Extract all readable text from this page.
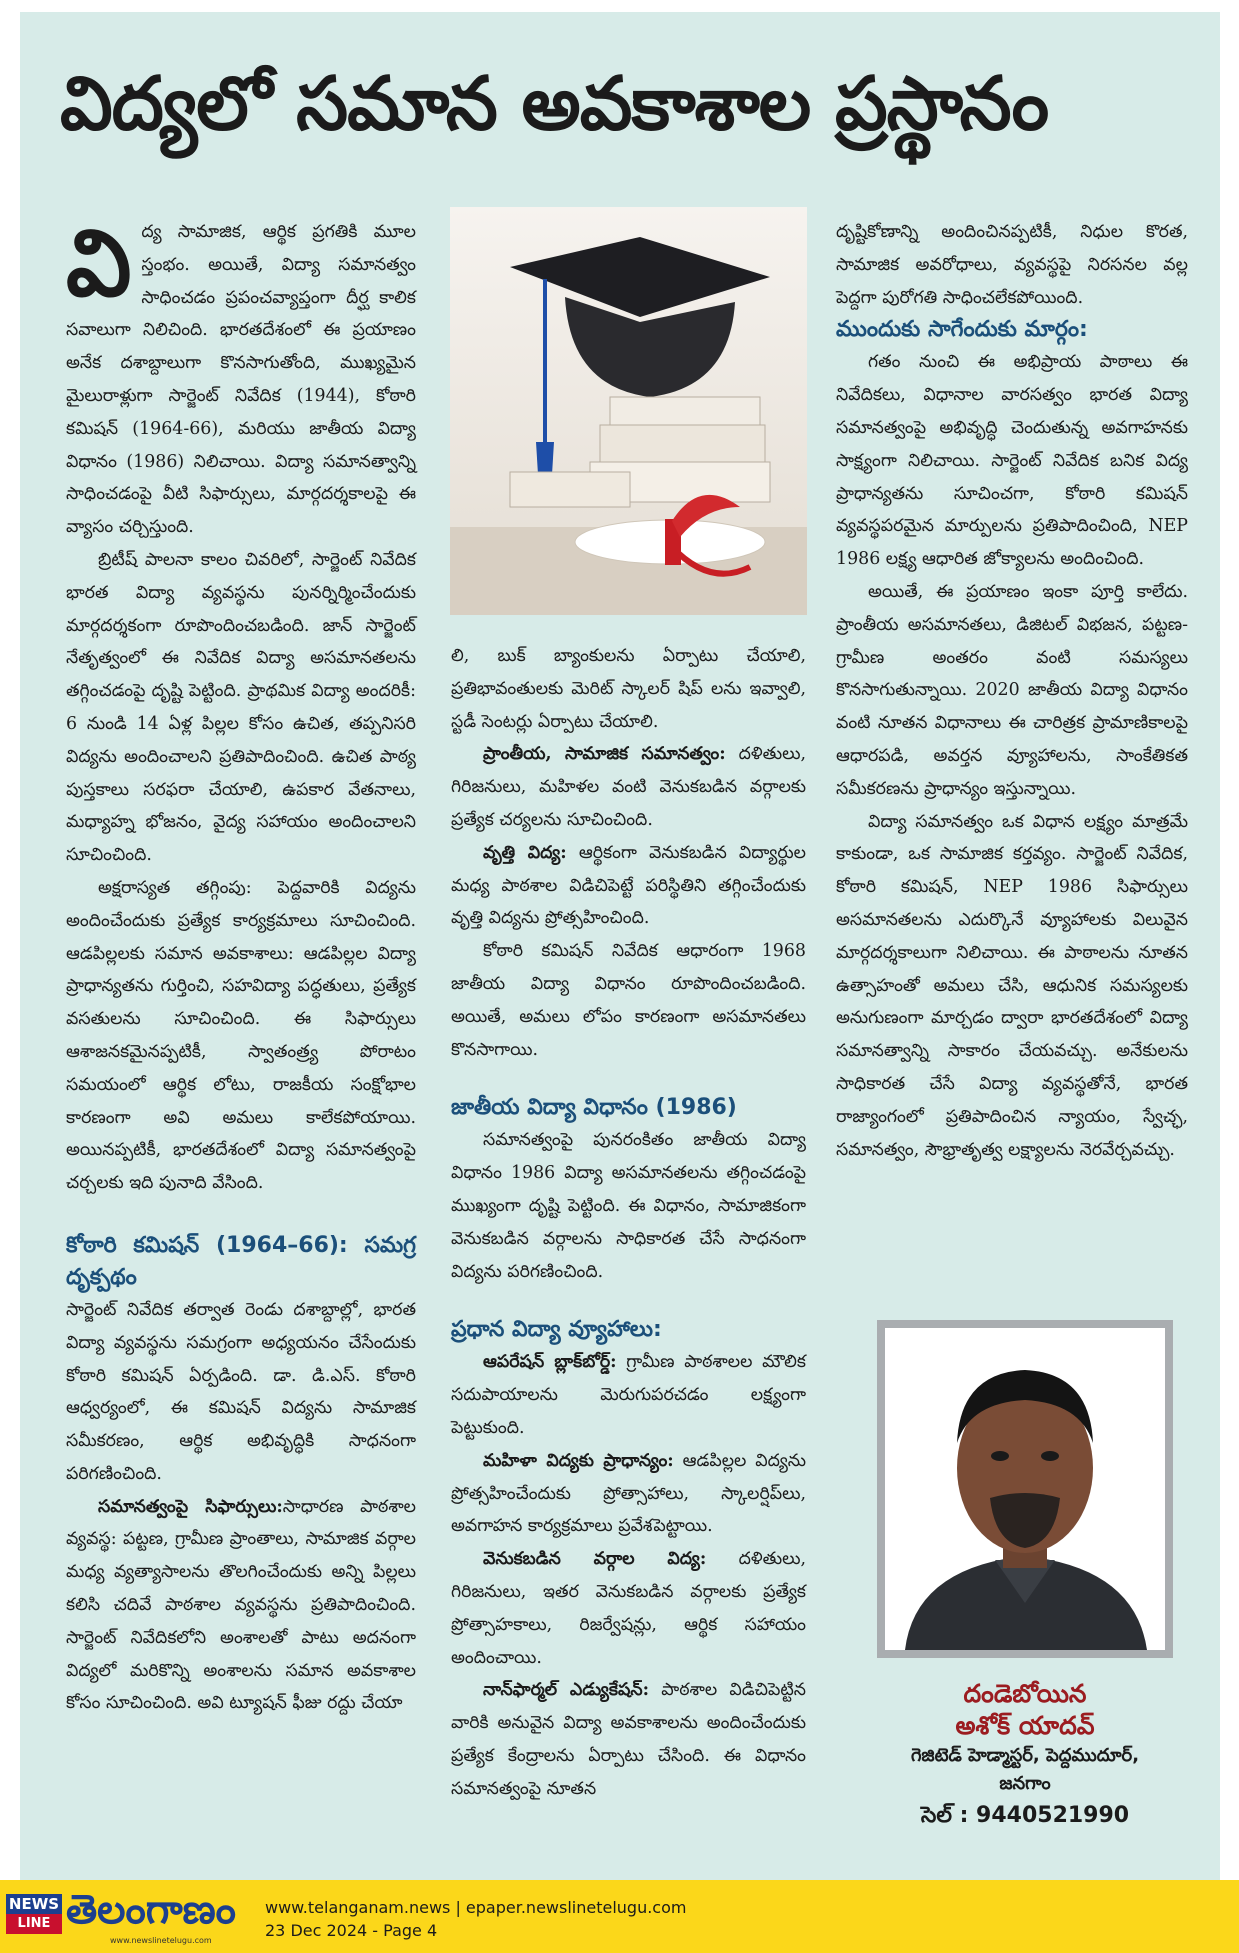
విద్యలో సమాన అవకాశాల ప్రస్థానం
వి ద్య సామాజిక, ఆర్థిక ప్రగతికి మూల స్తంభం. అయితే, విద్యా సమానత్వం సాధించడం ప్రపంచవ్యాప్తంగా దీర్ఘ కాలిక సవాలుగా నిలిచింది. భారతదేశంలో ఈ ప్రయాణం అనేక దశాబ్దాలుగా కొనసాగుతోంది, ముఖ్యమైన మైలురాళ్లుగా సార్జెంట్ నివేదిక (1944), కోఠారి కమిషన్ (1964-66), మరియు జాతీయ విద్యా విధానం (1986) నిలిచాయి. విద్యా సమానత్వాన్ని సాధించడంపై వీటి సిఫార్సులు, మార్గదర్శకాలపై ఈ వ్యాసం చర్చిస్తుంది.

బ్రిటీష్ పాలనా కాలం చివరిలో, సార్జెంట్ నివేదిక భారత విద్యా వ్యవస్థను పునర్నిర్మించేందుకు మార్గదర్శకంగా రూపొందించబడింది. జాన్ సార్జెంట్ నేతృత్వంలో ఈ నివేదిక విద్యా అసమానతలను తగ్గించడంపై దృష్టి పెట్టింది. ప్రాథమిక విద్యా అందరికీ: 6 నుండి 14 ఏళ్ల పిల్లల కోసం ఉచిత, తప్పనిసరి విద్యను అందించాలని ప్రతిపాదించింది. ఉచిత పాఠ్య పుస్తకాలు సరఫరా చేయాలి, ఉపకార వేతనాలు, మధ్యాహ్న భోజనం, వైద్య సహాయం అందించాలని సూచించింది.

అక్షరాస్యత తగ్గింపు: పెద్దవారికి విద్యను అందించేందుకు ప్రత్యేక కార్యక్రమాలు సూచించింది. ఆడపిల్లలకు సమాన అవకాశాలు: ఆడపిల్లల విద్యా ప్రాధాన్యతను గుర్తించి, సహవిద్యా పద్ధతులు, ప్రత్యేక వసతులను సూచించింది. ఈ సిఫార్సులు ఆశాజనకమైనప్పటికీ, స్వాతంత్ర్య పోరాటం సమయంలో ఆర్థిక లోటు, రాజకీయ సంక్షోభాల కారణంగా అవి అమలు కాలేకపోయాయి. అయినప్పటికీ, భారతదేశంలో విద్యా సమానత్వంపై చర్చలకు ఇది పునాది వేసింది.

కోఠారి కమిషన్ (1964–66): సమగ్ర దృక్పథం

సార్జెంట్ నివేదిక తర్వాత రెండు దశాబ్దాల్లో, భారత విద్యా వ్యవస్థను సమగ్రంగా అధ్యయనం చేసేందుకు కోఠారి కమిషన్ ఏర్పడింది. డా. డి.ఎస్. కోఠారి ఆధ్వర్యంలో, ఈ కమిషన్ విద్యను సామాజిక సమీకరణం, ఆర్థిక అభివృద్ధికి సాధనంగా పరిగణించింది.

సమానత్వంపై సిఫార్సులు:సాధారణ పాఠశాల వ్యవస్థ: పట్టణ, గ్రామీణ ప్రాంతాలు, సామాజిక వర్గాల మధ్య వ్యత్యాసాలను తొలగించేందుకు అన్ని పిల్లలు కలిసి చదివే పాఠశాల వ్యవస్థను ప్రతిపాదించింది. సార్జెంట్ నివేదికలోని అంశాలతో పాటు అదనంగా విద్యలో మరికొన్ని అంశాలను సమాన అవకాశాల కోసం సూచించింది. అవి ట్యూషన్ ఫీజు రద్దు చేయా

లి, బుక్ బ్యాంకులను ఏర్పాటు చేయాలి, ప్రతిభావంతులకు మెరిట్ స్కాలర్ షిప్ లను ఇవ్వాలి, స్టడీ సెంటర్లు ఏర్పాటు చేయాలి.

ప్రాంతీయ, సామాజిక సమానత్వం: దళితులు, గిరిజనులు, మహిళల వంటి వెనుకబడిన వర్గాలకు ప్రత్యేక చర్యలను సూచించింది.

వృత్తి విద్య: ఆర్థికంగా వెనుకబడిన విద్యార్థుల మధ్య పాఠశాల విడిచిపెట్టే పరిస్థితిని తగ్గించేందుకు వృత్తి విద్యను ప్రోత్సహించింది.

కోఠారి కమిషన్ నివేదిక ఆధారంగా 1968 జాతీయ విద్యా విధానం రూపొందించబడింది. అయితే, అమలు లోపం కారణంగా అసమానతలు కొనసాగాయి.

జాతీయ విద్యా విధానం (1986)

సమానత్వంపై పునరంకితం జాతీయ విద్యా విధానం 1986 విద్యా అసమానతలను తగ్గించడంపై ముఖ్యంగా దృష్టి పెట్టింది. ఈ విధానం, సామాజికంగా వెనుకబడిన వర్గాలను సాధికారత చేసే సాధనంగా విద్యను పరిగణించింది.

ప్రధాన విద్యా వ్యూహాలు:

ఆపరేషన్ బ్లాక్‌బోర్డ్: గ్రామీణ పాఠశాలల మౌలిక సదుపాయాలను మెరుగుపరచడం లక్ష్యంగా పెట్టుకుంది.

మహిళా విద్యకు ప్రాధాన్యం: ఆడపిల్లల విద్యను ప్రోత్సహించేందుకు ప్రోత్సాహాలు, స్కాలర్షిప్‌లు, అవగాహన కార్యక్రమాలు ప్రవేశపెట్టాయి.

వెనుకబడిన వర్గాల విద్య: దళితులు, గిరిజనులు, ఇతర వెనుకబడిన వర్గాలకు ప్రత్యేక ప్రోత్సాహకాలు, రిజర్వేషన్లు, ఆర్థిక సహాయం అందించాయి.

నాన్‌ఫార్మల్ ఎడ్యుకేషన్: పాఠశాల విడిచిపెట్టిన వారికి అనువైన విద్యా అవకాశాలను అందించేందుకు ప్రత్యేక కేంద్రాలను ఏర్పాటు చేసింది. ఈ విధానం సమానత్వంపై నూతన

దృష్టికోణాన్ని అందించినప్పటికీ, నిధుల కొరత, సామాజిక అవరోధాలు, వ్యవస్థపై నిరసనల వల్ల పెద్దగా పురోగతి సాధించలేకపోయింది.

ముందుకు సాగేందుకు మార్గం:

గతం నుంచి ఈ అభిప్రాయ పాఠాలు ఈ నివేదికలు, విధానాల వారసత్వం భారత విద్యా సమానత్వంపై అభివృద్ధి చెందుతున్న అవగాహనకు సాక్ష్యంగా నిలిచాయి. సార్జెంట్ నివేదిక బనిక విద్య ప్రాధాన్యతను సూచించగా, కోఠారి కమిషన్ వ్యవస్థపరమైన మార్పులను ప్రతిపాదించింది, NEP 1986 లక్ష్య ఆధారిత జోక్యాలను అందించింది.

అయితే, ఈ ప్రయాణం ఇంకా పూర్తి కాలేదు. ప్రాంతీయ అసమానతలు, డిజిటల్ విభజన, పట్టణ-గ్రామీణ అంతరం వంటి సమస్యలు కొనసాగుతున్నాయి. 2020 జాతీయ విద్యా విధానం వంటి నూతన విధానాలు ఈ చారిత్రక ప్రామాణికాలపై ఆధారపడి, అవర్తన వ్యూహాలను, సాంకేతికత సమీకరణను ప్రాధాన్యం ఇస్తున్నాయి.

విద్యా సమానత్వం ఒక విధాన లక్ష్యం మాత్రమే కాకుండా, ఒక సామాజిక కర్తవ్యం. సార్జెంట్ నివేదిక, కోఠారి కమిషన్, NEP 1986 సిఫార్సులు అసమానతలను ఎదుర్కొనే వ్యూహాలకు విలువైన మార్గదర్శకాలుగా నిలిచాయి. ఈ పాఠాలను నూతన ఉత్సాహంతో అమలు చేసి, ఆధునిక సమస్యలకు అనుగుణంగా మార్చడం ద్వారా భారతదేశంలో విద్యా సమానత్వాన్ని సాకారం చేయవచ్చు. అనేకులను సాధికారత చేసే విద్యా వ్యవస్థతోనే, భారత రాజ్యాంగంలో ప్రతిపాదించిన న్యాయం, స్వేచ్ఛ, సమానత్వం, సౌభ్రాతృత్వ లక్ష్యాలను నెరవేర్చవచ్చు.

దండెబోయిన
అశోక్ యాదవ్
గెజిటెడ్ హెడ్మాస్టర్, పెద్దముదూర్,
జనగాం
సెల్ : 9440521990
NEWS
LINE తెలంగాణం
www.newslinetelugu.com
www.telanganam.news | epaper.newslinetelugu.com
23 Dec 2024 - Page 4
